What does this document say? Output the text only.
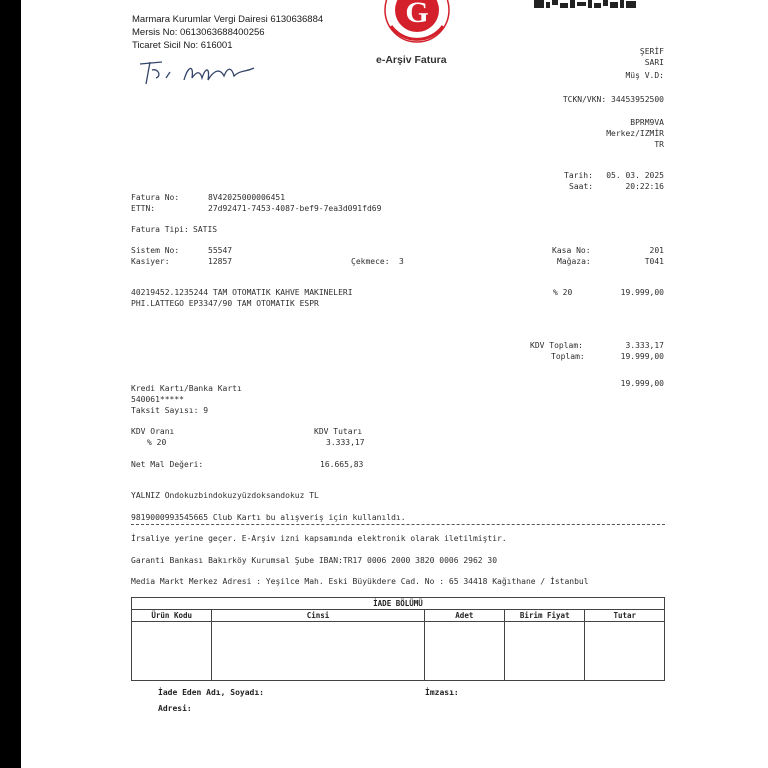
Marmara Kurumlar Vergi Dairesi 6130636884
Mersis No: 0613063688400256
Ticaret Sicil No: 616001
G
e-Arşiv Fatura
ŞERİF
SARI
Müş V.D:
TCKN/VKN: 34453952500
BPRM9VA
Merkez/IZMİR
TR
Tarih:	05. 03. 2025
Saat:	20:22:16
Fatura No:	8V42025000006451
ETTN:	27d92471-7453-4087-bef9-7ea3d091fd69
Fatura Tipi: SATIS
Sistem No:	55547
Kasiyer:	12857	Çekmece: 3
Kasa No:	201
Mağaza:	T041
40219452.1235244 TAM OTOMATIK KAHVE MAKINELERI
PHI.LATTEGO EP3347/90 TAM OTOMATIK ESPR
% 20	19.999,00
KDV Toplam:	3.333,17
Toplam:	19.999,00
19.999,00
Kredi Kartı/Banka Kartı
540061*****
Taksit Sayısı: 9
KDV Oranı
% 20
KDV Tutarı
3.333,17
Net Mal Değeri:	16.665,83
YALNIZ Ondokuzbindokuzyüzdoksandokuz TL
9819000993545665 Club Kartı bu alışveriş için kullanıldı.
İrsaliye yerine geçer. E-Arşiv izni kapsamında elektronik olarak iletilmiştir.
Garanti Bankası Bakırköy Kurumsal Şube IBAN:TR17 0006 2000 3820 0006 2962 30
Media Markt Merkez Adresi : Yeşilce Mah. Eski Büyükdere Cad. No : 65 34418 Kağıthane / İstanbul
İADE BÖLÜMÜ				
Ürün Kodu	Cinsi	Adet	Birim Fiyat	Tutar

İade Eden Adı, Soyadı:	İmzası:
Adresi:
